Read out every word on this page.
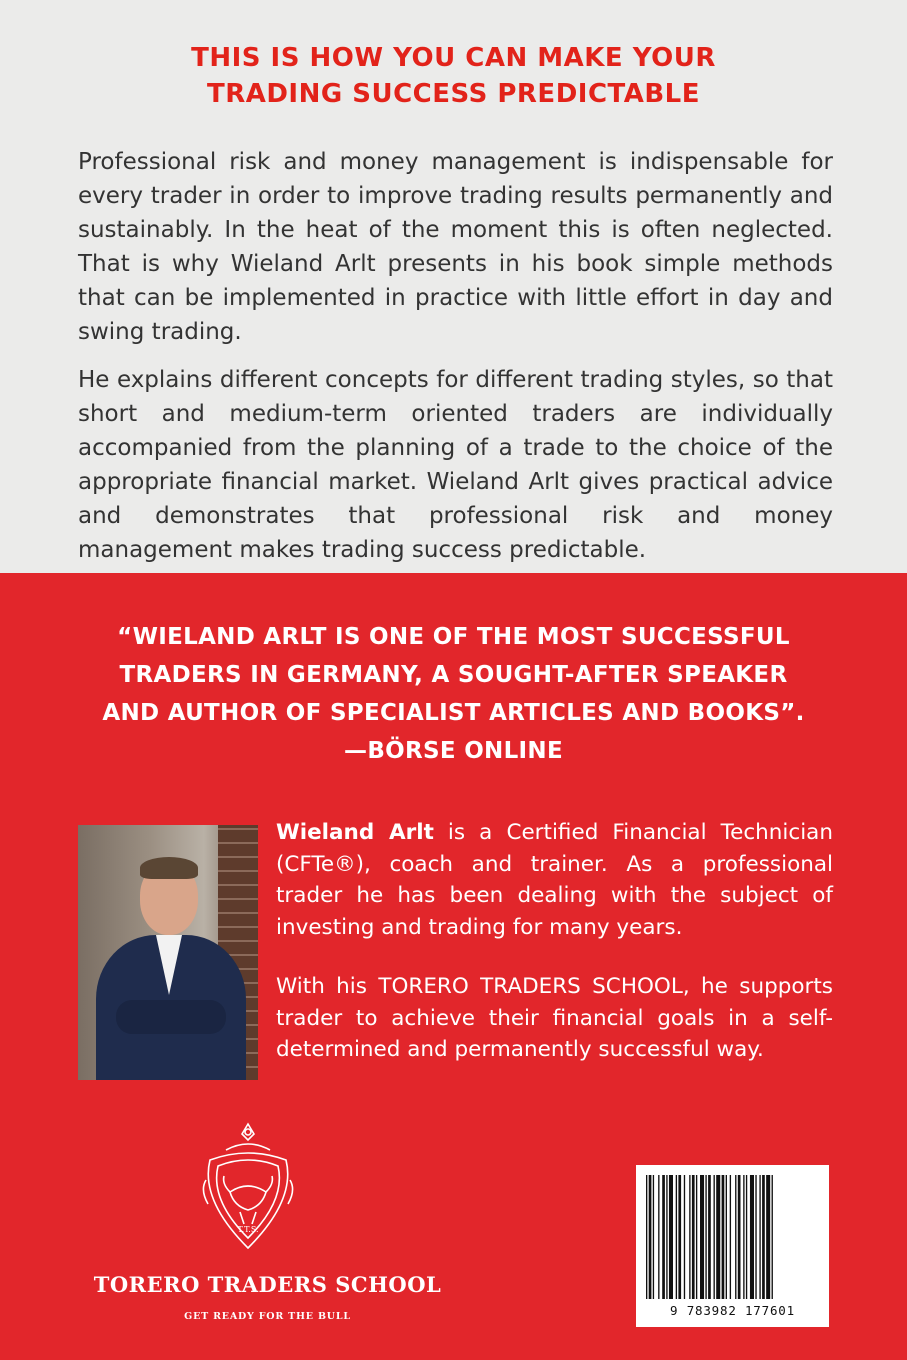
THIS IS HOW YOU CAN MAKE YOUR
TRADING SUCCESS PREDICTABLE

Professional risk and money management is indispensable for every trader in order to improve trading results permanently and sustainably. In the heat of the moment this is often neglected. That is why Wieland Arlt presents in his book simple methods that can be implemented in practice with little effort in day and swing trading.

He explains different concepts for different trading styles, so that short and medium-term oriented traders are individually accompanied from the planning of a trade to the choice of the appropriate financial market. Wieland Arlt gives practical advice and demonstrates that professional risk and money management makes trading success predictable.

“WIELAND ARLT IS ONE OF THE MOST SUCCESSFUL
TRADERS IN GERMANY, A SOUGHT-AFTER SPEAKER
AND AUTHOR OF SPECIALIST ARTICLES AND BOOKS”.
—BÖRSE ONLINE

Wieland Arlt is a Certified Financial Technician (CFTe®), coach and trainer. As a professional trader he has been dealing with the subject of investing and trading for many years.

With his TORERO TRADERS SCHOOL, he supports trader to achieve their financial goals in a self-determined and permanently successful way.

T.T.S.
TORERO TRADERS SCHOOL
GET READY FOR THE BULL	9 783982 177601
